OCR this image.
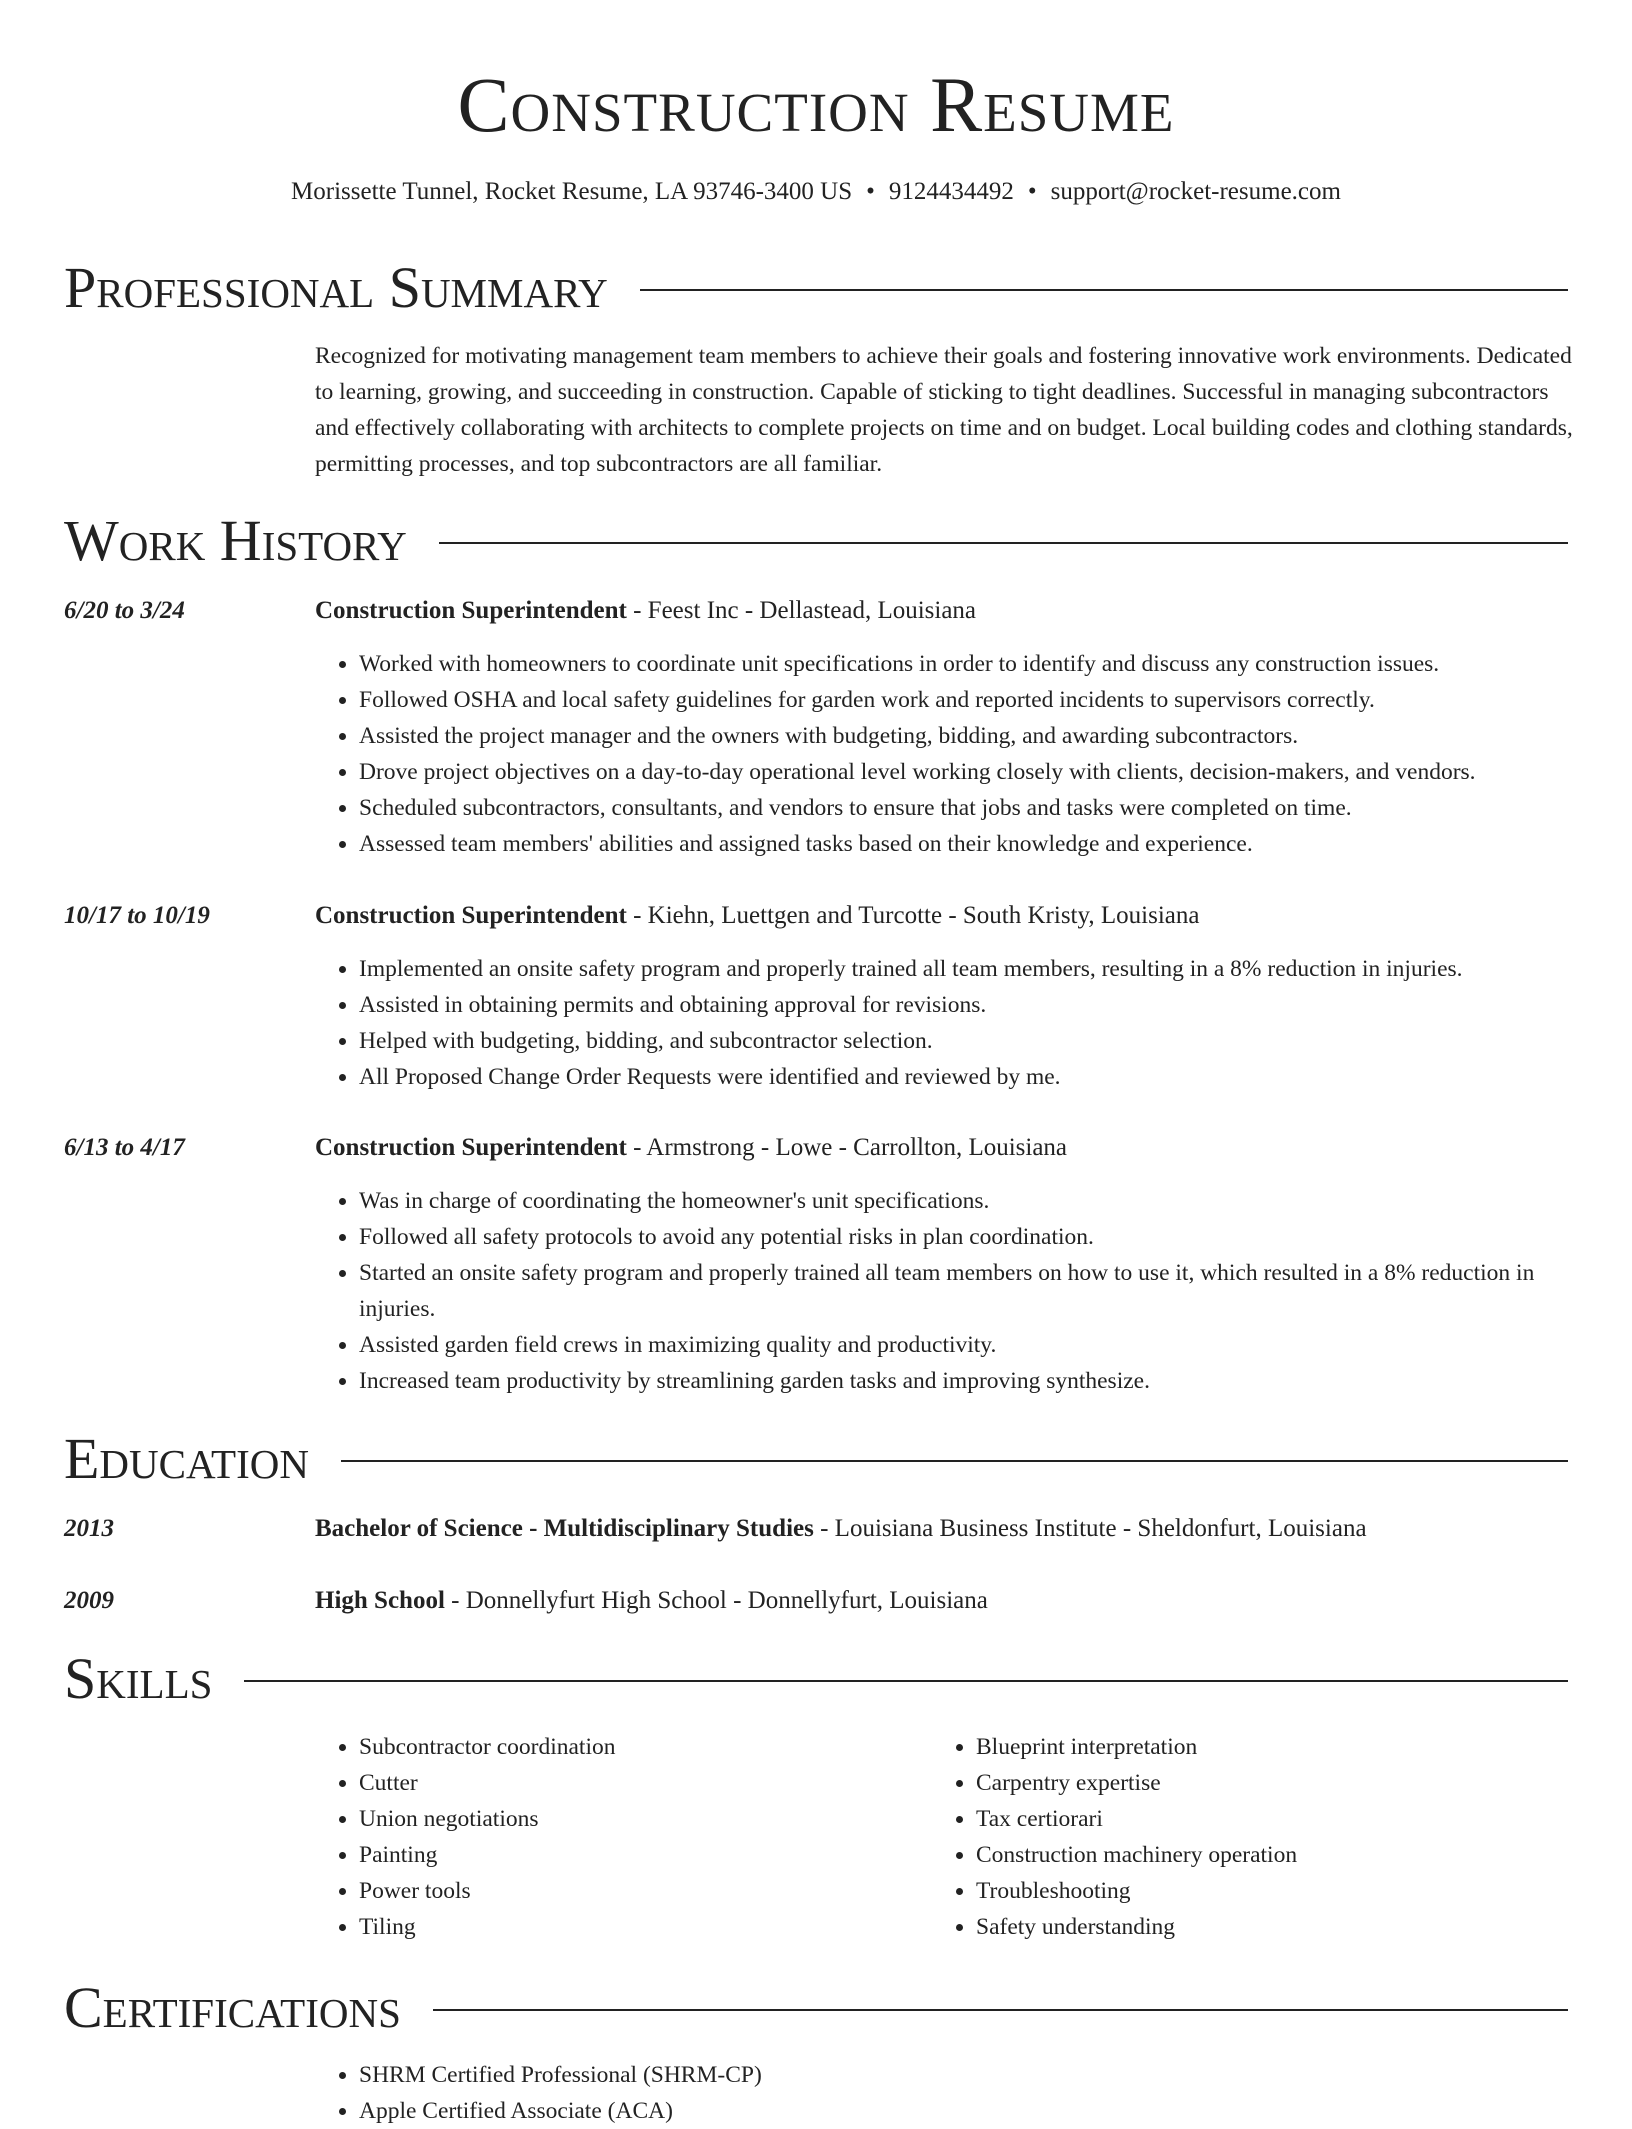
Construction Resume
Morissette Tunnel, Rocket Resume, LA 93746-3400 US • 9124434492 • support@rocket-resume.com
Professional Summary
Recognized for motivating management team members to achieve their goals and fostering innovative work environments. Dedicated to learning, growing, and succeeding in construction. Capable of sticking to tight deadlines. Successful in managing subcontractors and effectively collaborating with architects to complete projects on time and on budget. Local building codes and clothing standards, permitting processes, and top subcontractors are all familiar.
Work History
6/20 to 3/24	Construction Superintendent - Feest Inc - Dellastead, Louisiana
• Worked with homeowners to coordinate unit specifications in order to identify and discuss any construction issues.
• Followed OSHA and local safety guidelines for garden work and reported incidents to supervisors correctly.
• Assisted the project manager and the owners with budgeting, bidding, and awarding subcontractors.
• Drove project objectives on a day-to-day operational level working closely with clients, decision-makers, and vendors.
• Scheduled subcontractors, consultants, and vendors to ensure that jobs and tasks were completed on time.
• Assessed team members' abilities and assigned tasks based on their knowledge and experience.
10/17 to 10/19	Construction Superintendent - Kiehn, Luettgen and Turcotte - South Kristy, Louisiana
• Implemented an onsite safety program and properly trained all team members, resulting in a 8% reduction in injuries.
• Assisted in obtaining permits and obtaining approval for revisions.
• Helped with budgeting, bidding, and subcontractor selection.
• All Proposed Change Order Requests were identified and reviewed by me.
6/13 to 4/17	Construction Superintendent - Armstrong - Lowe - Carrollton, Louisiana
• Was in charge of coordinating the homeowner's unit specifications.
• Followed all safety protocols to avoid any potential risks in plan coordination.
• Started an onsite safety program and properly trained all team members on how to use it, which resulted in a 8% reduction in injuries.
• Assisted garden field crews in maximizing quality and productivity.
• Increased team productivity by streamlining garden tasks and improving synthesize.
Education
2013	Bachelor of Science - Multidisciplinary Studies - Louisiana Business Institute - Sheldonfurt, Louisiana
2009	High School - Donnellyfurt High School - Donnellyfurt, Louisiana
Skills
• Subcontractor coordination
• Cutter
• Union negotiations
• Painting
• Power tools
• Tiling
• Blueprint interpretation
• Carpentry expertise
• Tax certiorari
• Construction machinery operation
• Troubleshooting
• Safety understanding
Certifications
• SHRM Certified Professional (SHRM-CP)
• Apple Certified Associate (ACA)
